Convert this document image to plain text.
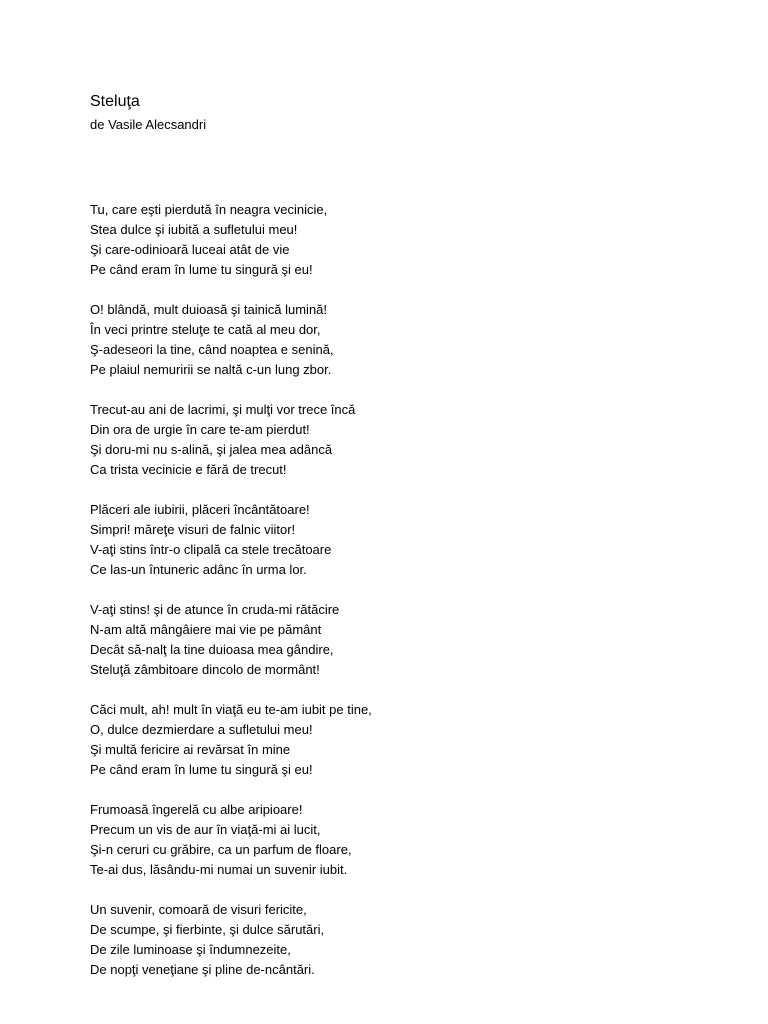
Steluţa

de Vasile Alecsandri

Tu, care eşti pierdută în neagra vecinicie,
Stea dulce şi iubită a sufletului meu!
Şi care-odinioară luceai atât de vie
Pe când eram în lume tu singură şi eu!
O! blândă, mult duioasă şi tainică lumină!
În veci printre steluţe te cată al meu dor,
Ş-adeseori la tine, când noaptea e senină,
Pe plaiul nemuririi se naltă c-un lung zbor.
Trecut-au ani de lacrimi, şi mulţi vor trece încă
Din ora de urgie în care te-am pierdut!
Şi doru-mi nu s-alină, şi jalea mea adâncă
Ca trista vecinicie e fără de trecut!
Plăceri ale iubirii, plăceri încântătoare!
Simpri! măreţe visuri de falnic viitor!
V-aţi stins într-o clipală ca stele trecătoare
Ce las-un întuneric adânc în urma lor.
V-aţi stins! şi de atunce în cruda-mi rătăcire
N-am altă mângâiere mai vie pe pământ
Decât să-nalţ la tine duioasa mea gândire,
Steluţă zâmbitoare dincolo de mormânt!
Căci mult, ah! mult în viaţă eu te-am iubit pe tine,
O, dulce dezmierdare a sufletului meu!
Şi multă fericire ai revărsat în mine
Pe când eram în lume tu singură şi eu!
Frumoasă îngerelă cu albe aripioare!
Precum un vis de aur în viaţă-mi ai lucit,
Şi-n ceruri cu grăbire, ca un parfum de floare,
Te-ai dus, lăsându-mi numai un suvenir iubit.
Un suvenir, comoară de visuri fericite,
De scumpe, şi fierbinte, şi dulce sărutări,
De zile luminoase şi îndumnezeite,
De nopţi veneţiane şi pline de-ncântări.
